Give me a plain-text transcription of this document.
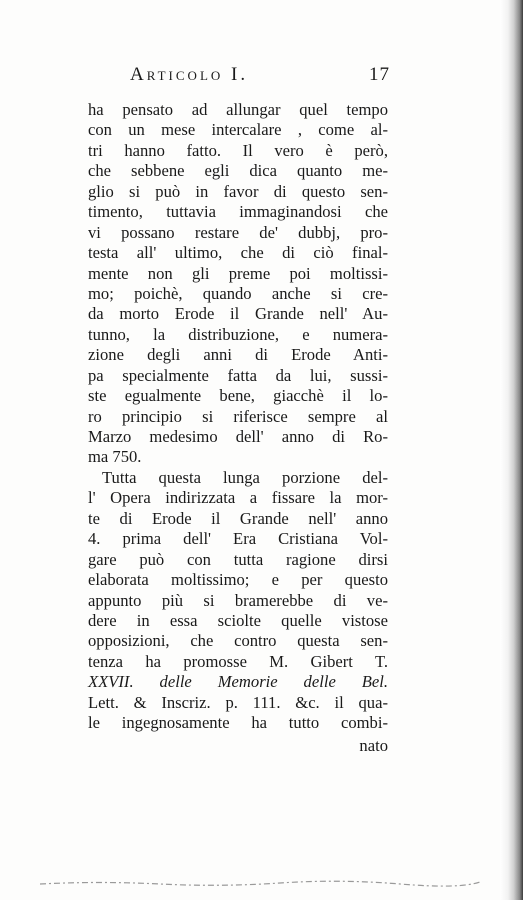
Articolo I.	17
ha pensato ad allungar quel tempo
con un mese intercalare , come al-
tri hanno fatto. Il vero è però,
che sebbene egli dica quanto me-
glio si può in favor di questo sen-
timento, tuttavia immaginandosi che
vi possano restare de' dubbj, pro-
testa all' ultimo, che di ciò final-
mente non gli preme poi moltissi-
mo; poichè, quando anche si cre-
da morto Erode il Grande nell' Au-
tunno, la distribuzione, e numera-
zione degli anni di Erode Anti-
pa specialmente fatta da lui, sussi-
ste egualmente bene, giacchè il lo-
ro principio si riferisce sempre al
Marzo medesimo dell' anno di Ro-
ma 750.
Tutta questa lunga porzione del-
l' Opera indirizzata a fissare la mor-
te di Erode il Grande nell' anno
4. prima dell' Era Cristiana Vol-
gare può con tutta ragione dirsi
elaborata moltissimo; e per questo
appunto più si bramerebbe di ve-
dere in essa sciolte quelle vistose
opposizioni, che contro questa sen-
tenza ha promosse M. Gibert T.
XXVII. delle Memorie delle Bel.
Lett. & Inscriz. p. 111. &c. il qua-
le ingegnosamente ha tutto combi-
nato
